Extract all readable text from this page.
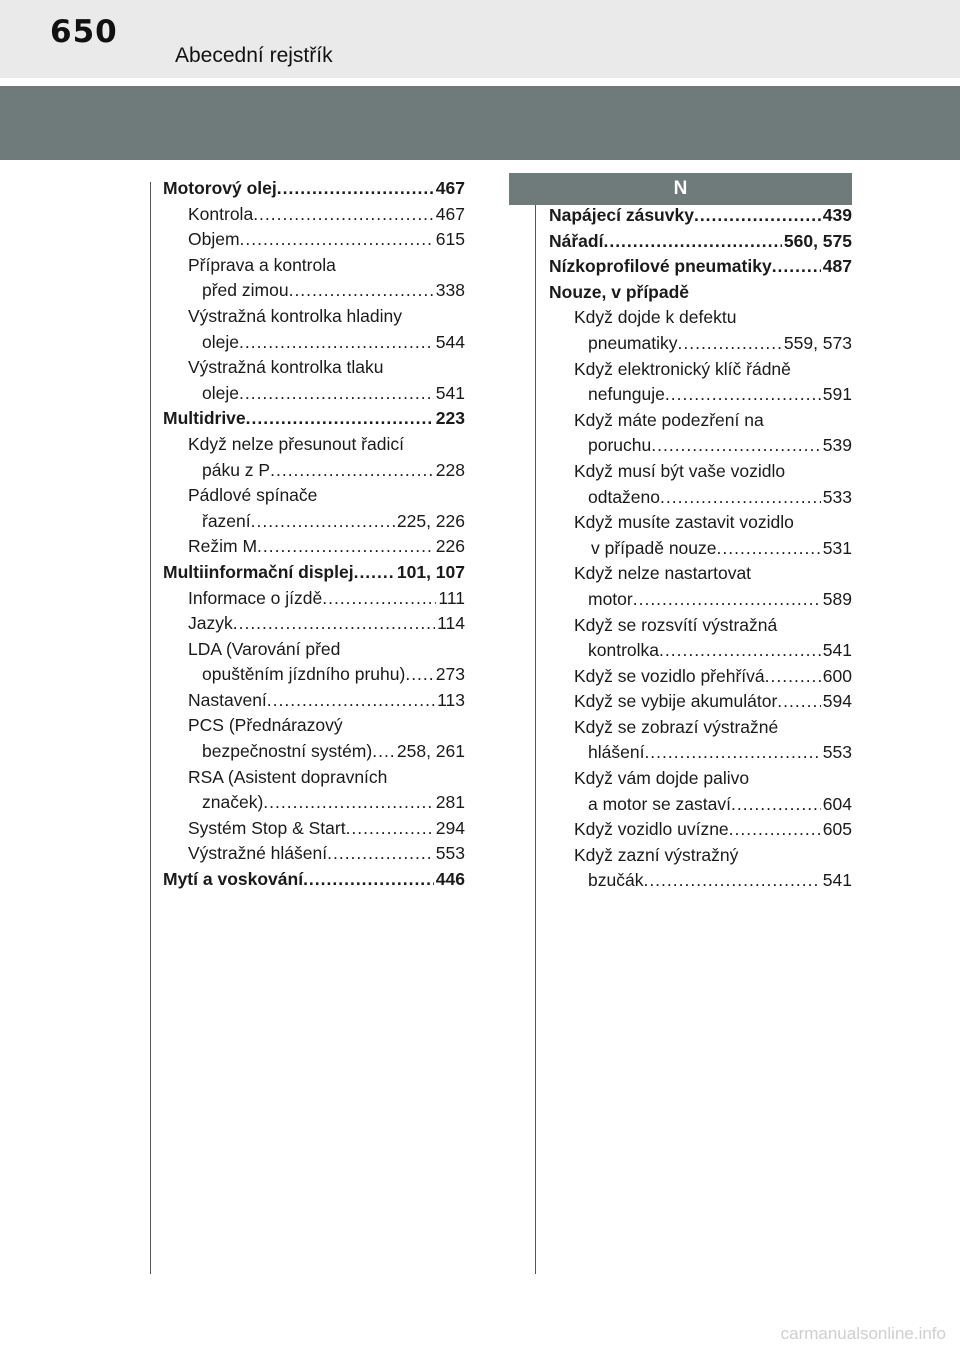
650
Abecední rejstřík
N
Motorový olej .....	467
Kontrola .....	467
Objem .....	615
Příprava a kontrola
před zimou .....	338
Výstražná kontrolka hladiny
oleje .....	544
Výstražná kontrolka tlaku
oleje .....	541
Multidrive .....	223
Když nelze přesunout řadicí
páku z P .....	228
Pádlové spínače
řazení .....	225, 226
Režim M .....	226
Multiinformační displej ..... 101, 107
Informace o jízdě .....	111
Jazyk .....	114
LDA (Varování před
opuštěním jízdního pruhu) ..... 273
Nastavení .....	113
PCS (Přednárazový
bezpečnostní systém) ..... 258, 261
RSA (Asistent dopravních
značek) .....	281
Systém Stop & Start .....	294
Výstražné hlášení .....	553
Mytí a voskování .....	446
Napájecí zásuvky .....	439
Nářadí .....	560, 575
Nízkoprofilové pneumatiky .....	487
Nouze, v případě
Když dojde k defektu
pneumatiky .....	559, 573
Když elektronický klíč řádně
nefunguje .....	591
Když máte podezření na
poruchu .....	539
Když musí být vaše vozidlo
odtaženo .....	533
Když musíte zastavit vozidlo
v případě nouze .....	531
Když nelze nastartovat
motor .....	589
Když se rozsvítí výstražná
kontrolka .....	541
Když se vozidlo přehřívá .....	600
Když se vybije akumulátor .....	594
Když se zobrazí výstražné
hlášení .....	553
Když vám dojde palivo
a motor se zastaví .....	604
Když vozidlo uvízne .....	605
Když zazní výstražný
bzučák .....	541
carmanualsonline.info
